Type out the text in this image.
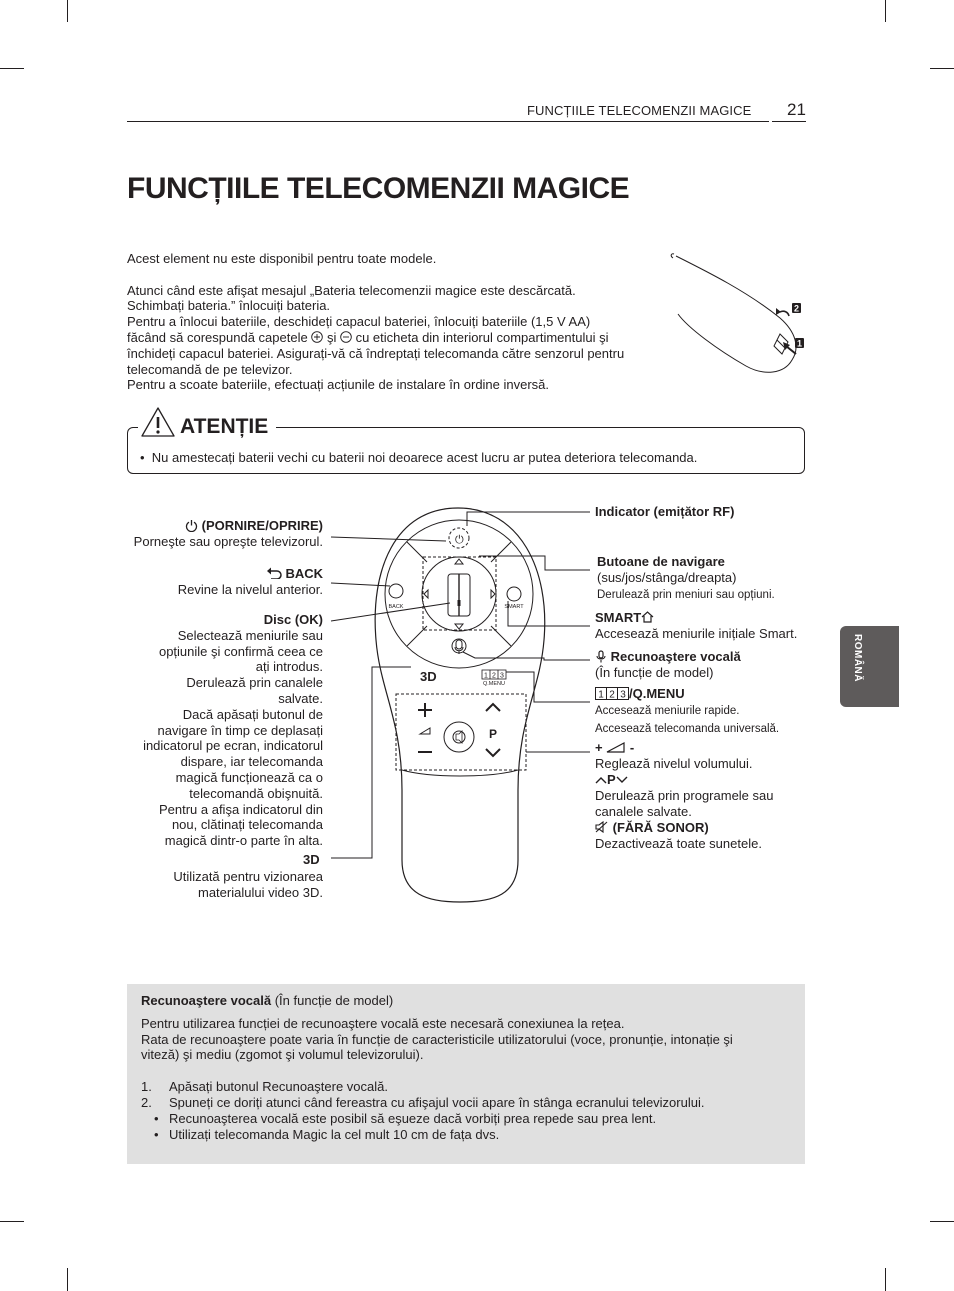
FUNCȚIILE TELECOMENZII MAGICE 21
FUNCȚIILE TELECOMENZII MAGICE
ROMÂNĂ

Acest element nu este disponibil pentru toate modele.

Atunci când este afişat mesajul „Bateria telecomenzii magice este descărcată.
Schimbați bateria.” înlocuiți bateria.
Pentru a înlocui bateriile, deschideți capacul bateriei, înlocuiți bateriile (1,5 V AA)
făcând să corespundă capetele şi cu eticheta din interiorul compartimentului şi
închideți capacul bateriei. Asigurați-vă că îndreptați telecomanda către senzorul pentru
telecomandă de pe televizor.
Pentru a scoate bateriile, efectuați acțiunile de instalare în ordine inversă.

2
1
ATENȚIE
• Nu amestecați baterii vechi cu baterii noi deoarece acest lucru ar putea deteriora telecomanda.
3D
⏻
BACK	SMART
Q.MENU
1 2 3
P
(PORNIRE/OPRIRE)
Porneşte sau opreşte televizorul.
BACK
Revine la nivelul anterior.
Disc (OK)
Selectează meniurile sau
opțiunile şi confirmă ceea ce
ați introdus.
Derulează prin canalele
salvate.
Dacă apăsați butonul de
navigare în timp ce deplasați
indicatorul pe ecran, indicatorul
dispare, iar telecomanda
magică funcționează ca o
telecomandă obişnuită.
Pentru a afişa indicatorul din
nou, clătinați telecomanda
magică dintr-o parte în alta.
3D

Utilizată pentru vizionarea
materialului video 3D.
Indicator (emițător RF)
Butoane de navigare
(sus/jos/stânga/dreapta)
Derulează prin meniuri sau opțiuni.
SMART
Accesează meniurile inițiale Smart.
Recunoaştere vocală
(În funcție de model)
1 2 3 /Q.MENU
Accesează meniurile rapide.
Accesează telecomanda universală.
+ -
Reglează nivelul volumului.
P
Derulează prin programele sau
canalele salvate.
(FĂRĂ SONOR)
Dezactivează toate sunetele.

Recunoaştere vocală (În funcție de model)

Pentru utilizarea funcției de recunoaştere vocală este necesară conexiunea la rețea.
Rata de recunoaştere poate varia în funcție de caracteristicile utilizatorului (voce, pronunție, intonație şi
viteză) şi mediu (zgomot şi volumul televizorului).
1.	Apăsați butonul Recunoaştere vocală.
2.	Spuneți ce doriți atunci când fereastra cu afişajul vocii apare în stânga ecranului televizorului.
• Recunoaşterea vocală este posibil să eşueze dacă vorbiți prea repede sau prea lent.
• Utilizați telecomanda Magic la cel mult 10 cm de fața dvs.
